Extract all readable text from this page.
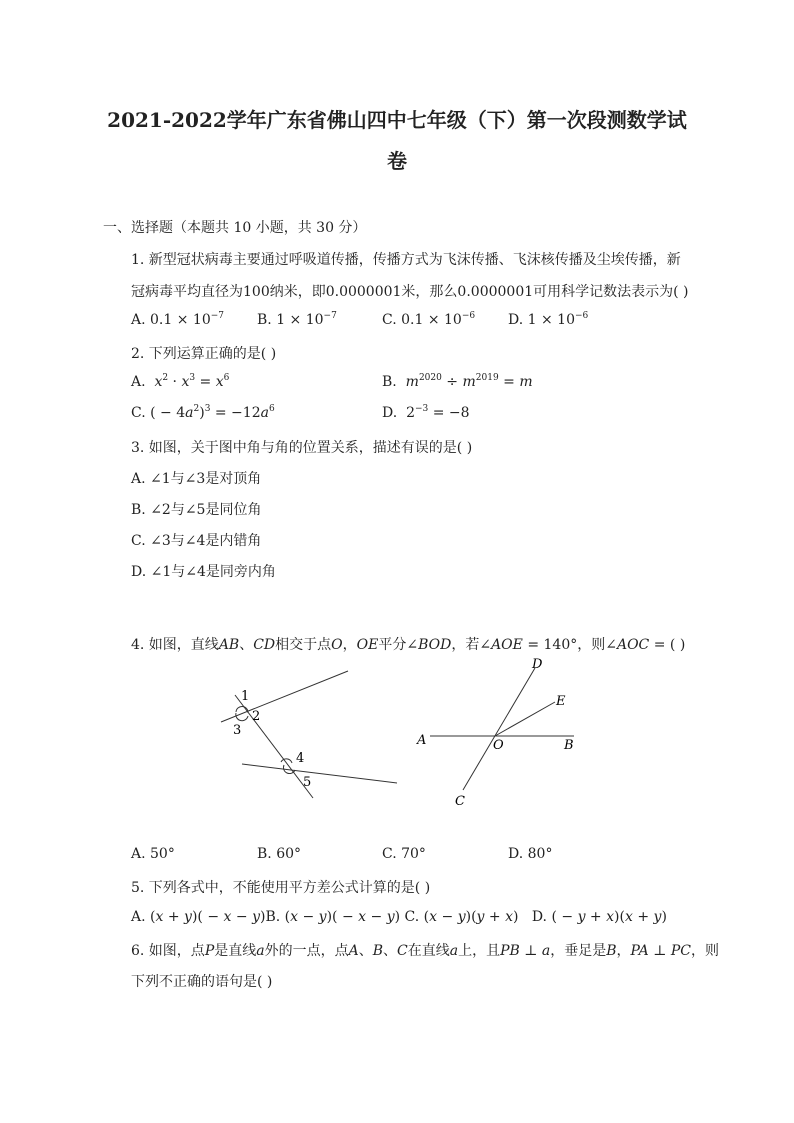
2021-2022学年广东省佛山四中七年级（下）第一次段测数学试
卷
一、选择题（本题共 10 小题，共 30 分）
1. 新型冠状病毒主要通过呼吸道传播，传播方式为飞沫传播、飞沫核传播及尘埃传播，新
冠病毒平均直径为100纳米，即0.0000001米，那么0.0000001可用科学记数法表示为( )
A. $0.1 \times 10^{-7}$ B. $1 \times 10^{-7}$	C. $0.1 \times 10^{-6}$ D. $1 \times 10^{-6}$
2. 下列运算正确的是( )
A. $x^2 \cdot x^3 = x^6$	B. $m^{2020} \div m^{2019} = m$
C. ( − $4a^2)^3 = -12a^6$	D.  $2^{-3} = -8$
3. 如图，关于图中角与角的位置关系，描述有误的是( )
A. ∠1与∠3是对顶角
B. ∠2与∠5是同位角
C. ∠3与∠4是内错角
D. ∠1与∠4是同旁内角
4. 如图，直线AB、CD相交于点O，OE平分∠BOD，若∠AOE = 140°，则∠AOC = ( )
1
2
3
4
5
D
E
A	O	B
C
A. 50°	B. 60°	C. 70°	D. 80°
5. 下列各式中，不能使用平方差公式计算的是( )
A. (x + y)( − x − y)B. (x − y)( − x − y) C. (x − y)(y + x)   D. ( − y + x)(x + y)
6. 如图，点P是直线a外的一点，点A、B、C在直线a上，且PB ⊥ a，垂足是B，PA ⊥ PC，则
下列不正确的语句是( )
